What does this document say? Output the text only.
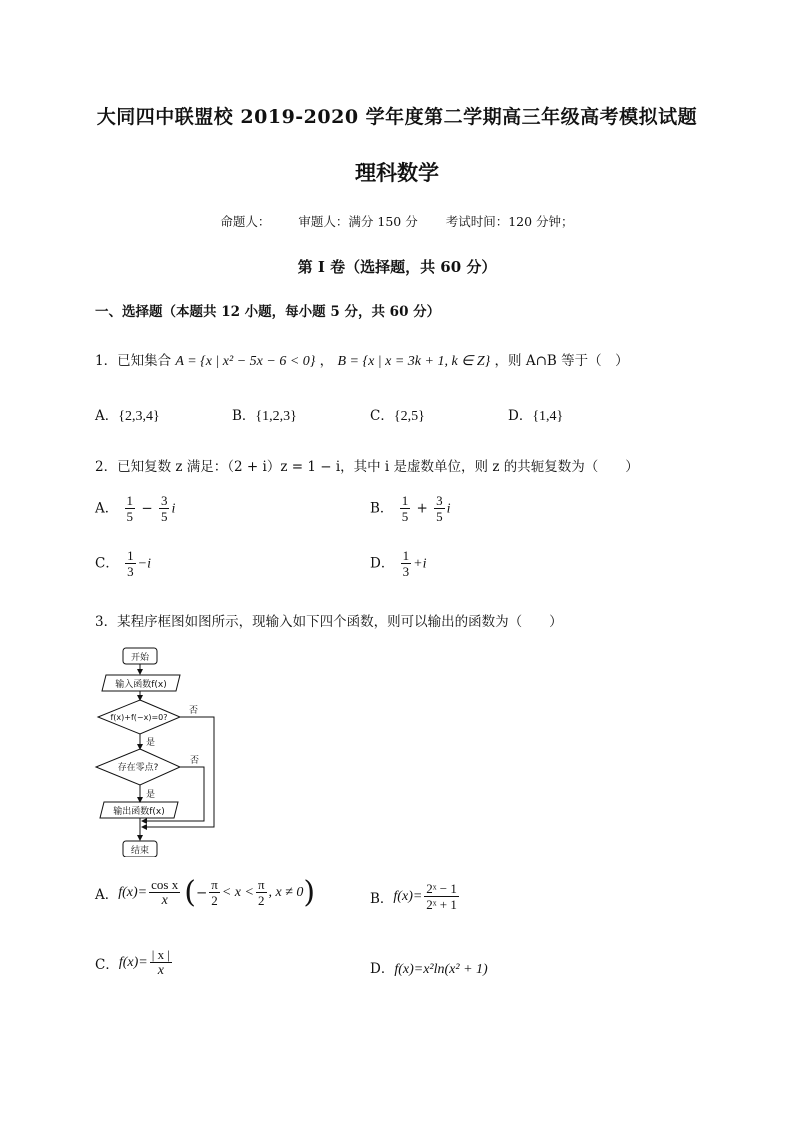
大同四中联盟校 2019-2020 学年度第二学期高三年级高考模拟试题
理科数学
命题人： 审题人：满分 150 分 考试时间：120 分钟；
第 I 卷（选择题，共 60 分）
一、选择题（本题共 12 小题，每小题 5 分，共 60 分）
1．已知集合 A = {x | x² − 5x − 6 < 0} ， B = {x | x = 3k + 1, k ∈ Z} ，则 A∩B 等于（　）
A．{2,3,4}	B．{1,2,3}	C．{2,5}	D．{1,4}
2．已知复数 z 满足：（2 + i）z = 1 − i，其中 i 是虚数单位，则 z 的共轭复数为（　　）
A． $\frac{1}{5} - \frac{3}{5}$ i	B． $\frac{1}{5} + \frac{3}{5}$ i
C． $\frac{1}{3} -i$	D． $\frac{1}{3} +i$
3．某程序框图如图所示，现输入如下四个函数，则可以输出的函数为（　　）
开始
输入函数f(x)
f(x)+f(−x)=0?
存在零点?
输出函数f(x)
结束
是
是
否
否
A． $f(x)= \frac{\text{cos x}}{x}$ ( − $\frac{\pi}{2} < x < \frac{\pi}{2}$ , x ≠ 0 )	B． $f(x)= \frac{\text{2ˣ − 1}}{\text{2ˣ + 1}}$
C． $f(x)= \frac{| x |}{x}$	D．f(x)=x²ln(x² + 1)
